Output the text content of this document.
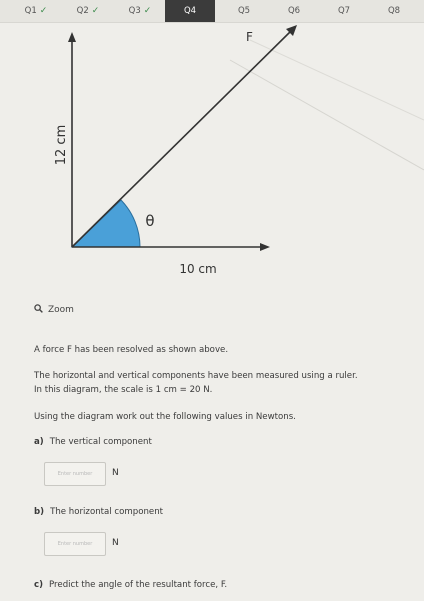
Q1 ✓	Q2 ✓	Q3 ✓	Q4	Q5	Q6	Q7	Q8
F
12 cm
10 cm
θ
Zoom
A force F has been resolved as shown above.
The horizontal and vertical components have been measured using a ruler.
In this diagram, the scale is 1 cm = 20 N.
Using the diagram work out the following values in Newtons.
a) The vertical component
Enter number	N
b) The horizontal component
Enter number	N
c) Predict the angle of the resultant force, F.
